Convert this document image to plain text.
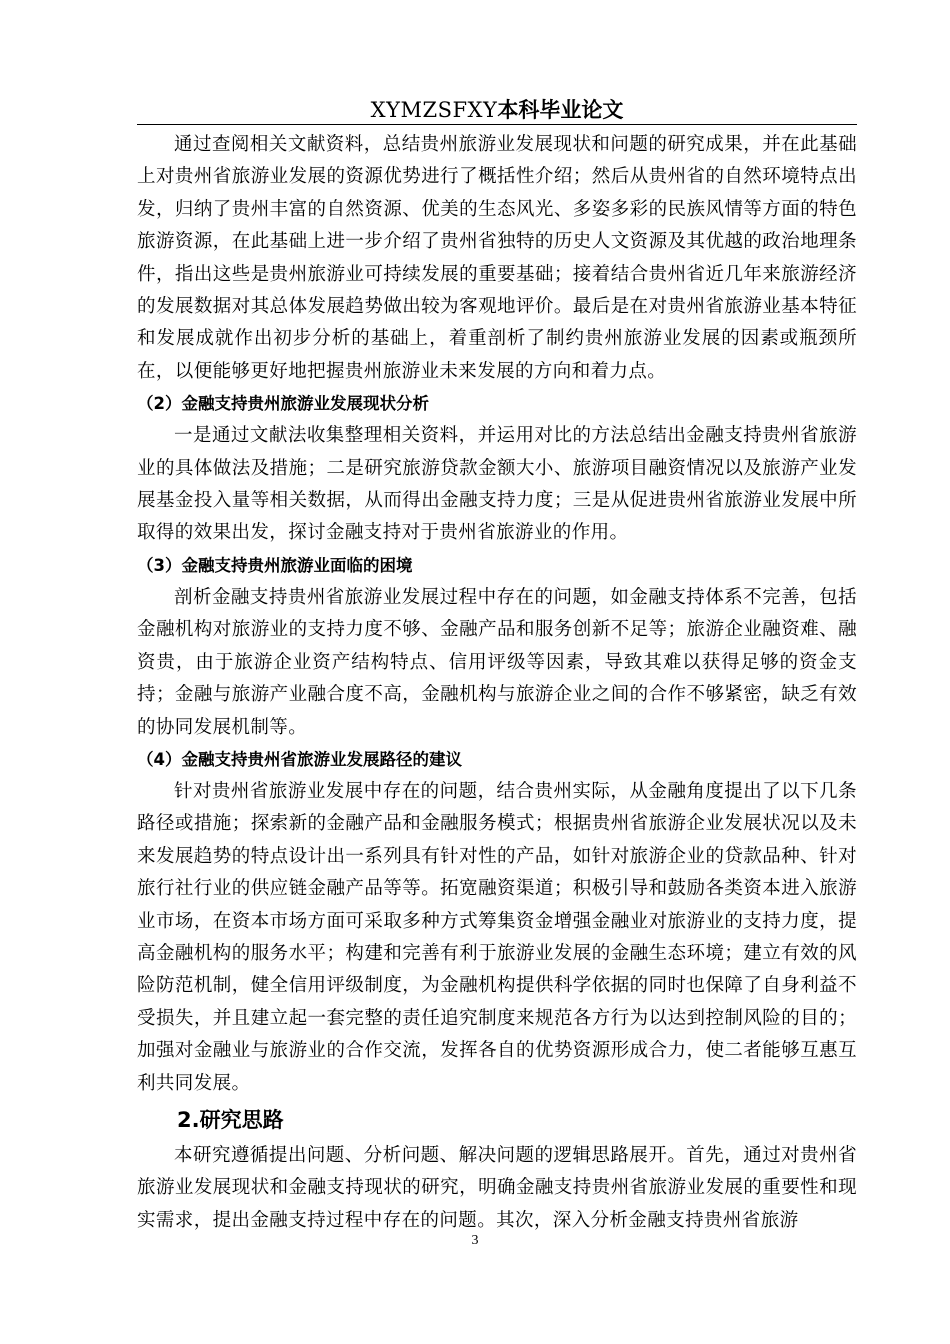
XYMZSFXY本科毕业论文

通过查阅相关文献资料，总结贵州旅游业发展现状和问题的研究成果，并在此基础上对贵州省旅游业发展的资源优势进行了概括性介绍；然后从贵州省的自然环境特点出发，归纳了贵州丰富的自然资源、优美的生态风光、多姿多彩的民族风情等方面的特色旅游资源，在此基础上进一步介绍了贵州省独特的历史人文资源及其优越的政治地理条件，指出这些是贵州旅游业可持续发展的重要基础；接着结合贵州省近几年来旅游经济的发展数据对其总体发展趋势做出较为客观地评价。最后是在对贵州省旅游业基本特征和发展成就作出初步分析的基础上，着重剖析了制约贵州旅游业发展的因素或瓶颈所在，以便能够更好地把握贵州旅游业未来发展的方向和着力点。

（2）金融支持贵州旅游业发展现状分析

一是通过文献法收集整理相关资料，并运用对比的方法总结出金融支持贵州省旅游业的具体做法及措施；二是研究旅游贷款金额大小、旅游项目融资情况以及旅游产业发展基金投入量等相关数据，从而得出金融支持力度；三是从促进贵州省旅游业发展中所取得的效果出发，探讨金融支持对于贵州省旅游业的作用。

（3）金融支持贵州旅游业面临的困境

剖析金融支持贵州省旅游业发展过程中存在的问题，如金融支持体系不完善，包括金融机构对旅游业的支持力度不够、金融产品和服务创新不足等；旅游企业融资难、融资贵，由于旅游企业资产结构特点、信用评级等因素，导致其难以获得足够的资金支持；金融与旅游产业融合度不高，金融机构与旅游企业之间的合作不够紧密，缺乏有效的协同发展机制等。

（4）金融支持贵州省旅游业发展路径的建议

针对贵州省旅游业发展中存在的问题，结合贵州实际，从金融角度提出了以下几条路径或措施；探索新的金融产品和金融服务模式；根据贵州省旅游企业发展状况以及未来发展趋势的特点设计出一系列具有针对性的产品，如针对旅游企业的贷款品种、针对旅行社行业的供应链金融产品等等。拓宽融资渠道；积极引导和鼓励各类资本进入旅游业市场，在资本市场方面可采取多种方式筹集资金增强金融业对旅游业的支持力度，提高金融机构的服务水平；构建和完善有利于旅游业发展的金融生态环境；建立有效的风险防范机制，健全信用评级制度，为金融机构提供科学依据的同时也保障了自身利益不受损失，并且建立起一套完整的责任追究制度来规范各方行为以达到控制风险的目的；加强对金融业与旅游业的合作交流，发挥各自的优势资源形成合力，使二者能够互惠互利共同发展。

2.研究思路

本研究遵循提出问题、分析问题、解决问题的逻辑思路展开。首先，通过对贵州省旅游业发展现状和金融支持现状的研究，明确金融支持贵州省旅游业发展的重要性和现实需求，提出金融支持过程中存在的问题。其次，深入分析金融支持贵州省旅游

3
